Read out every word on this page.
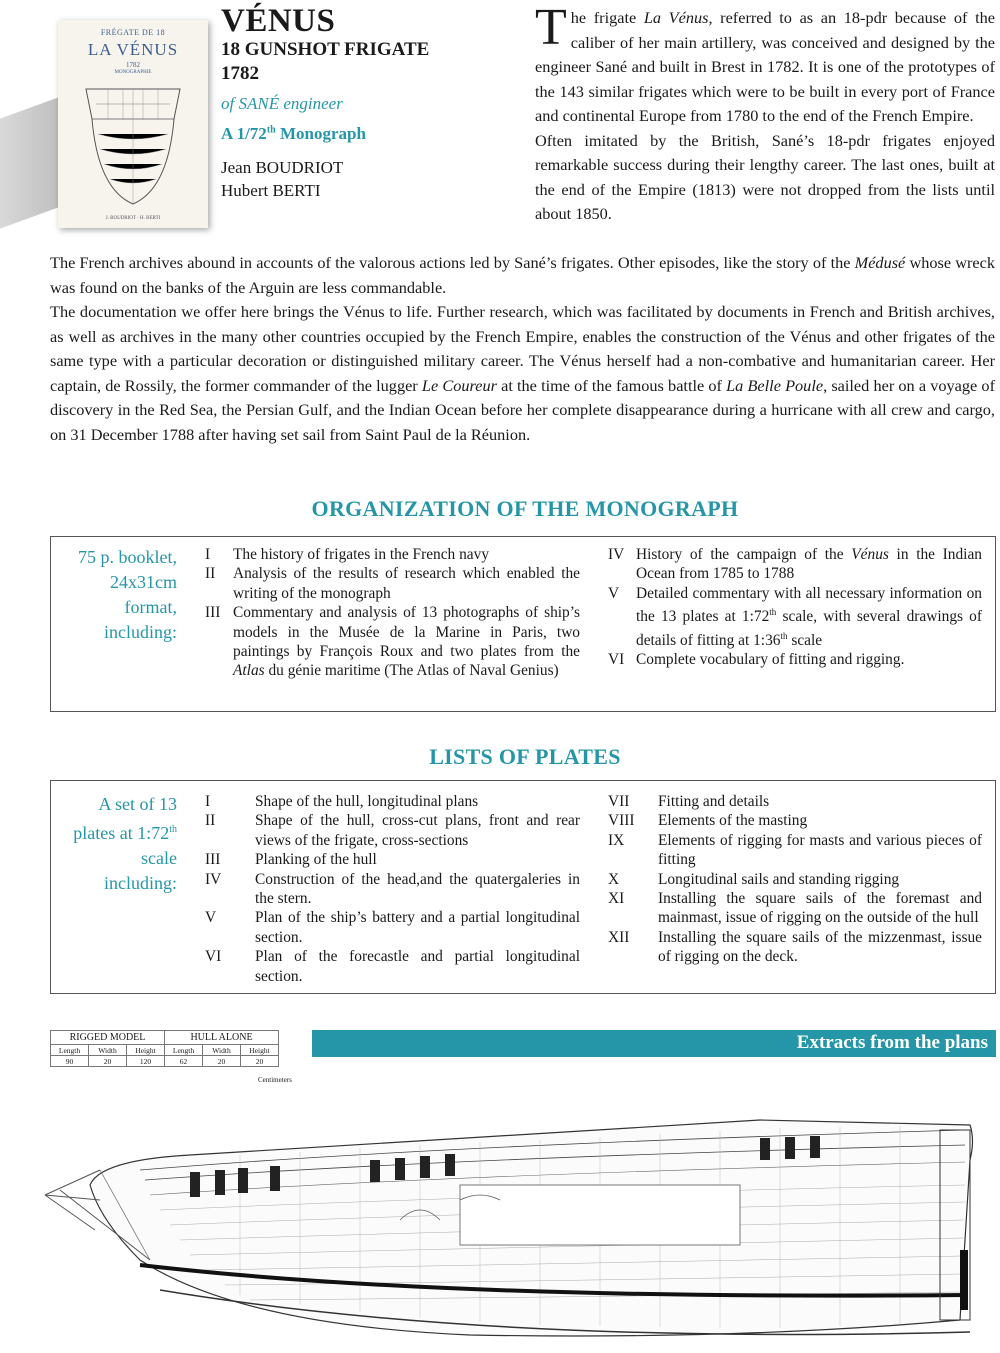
FRÉGATE DE 18
LA VÉNUS
1782
MONOGRAPHIE
J. BOUDRIOT · H. BERTI
VÉNUS
18 GUNSHOT FRIGATE
1782
of SANÉ engineer
A 1/72th Monograph
Jean BOUDRIOT
Hubert BERTI
The frigate La Vénus, referred to as an 18-pdr because of the caliber of her main artillery, was conceived and designed by the engineer Sané and built in Brest in 1782. It is one of the prototypes of the 143 similar frigates which were to be built in every port of France and continental Europe from 1780 to the end of the French Empire.
Often imitated by the British, Sané’s 18-pdr frigates enjoyed remarkable success during their lengthy career. The last ones, built at the end of the Empire (1813) were not dropped from the lists until about 1850.

The French archives abound in accounts of the valorous actions led by Sané’s frigates. Other episodes, like the story of the Médusé whose wreck was found on the banks of the Arguin are less commandable.

The documentation we offer here brings the Vénus to life. Further research, which was facilitated by documents in French and British archives, as well as archives in the many other countries occupied by the French Empire, enables the construction of the Vénus and other frigates of the same type with a particular decoration or distinguished military career. The Vénus herself had a non-combative and humanitarian career. Her captain, de Rossily, the former commander of the lugger Le Coureur at the time of the famous battle of La Belle Poule, sailed her on a voyage of discovery in the Red Sea, the Persian Gulf, and the Indian Ocean before her complete disappearance during a hurricane with all crew and cargo, on 31 December 1788 after having set sail from Saint Paul de la Réunion.

ORGANIZATION OF THE MONOGRAPH
75 p. booklet,
24x31cm
format,
including:
I	The history of frigates in the French navy
II	Analysis of the results of research which enabled the writing of the monograph
III Commentary and analysis of 13 photographs of ship’s models in the Musée de la Marine in Paris, two paintings by François Roux and two plates from the Atlas du génie maritime (The Atlas of Naval Genius)
IV History of the campaign of the Vénus in the Indian Ocean from 1785 to 1788
V	Detailed commentary with all necessary information on the 13 plates at 1:72th scale, with several drawings of details of fitting at 1:36th scale
VI Complete vocabulary of fitting and rigging.
LISTS OF PLATES
A set of 13
plates at 1:72th
scale
including:
I	Shape of the hull, longitudinal plans
II	Shape of the hull, cross-cut plans, front and rear views of the frigate, cross-sections
III	Planking of the hull
IV	Construction of the head,and the quatergaleries in the stern.
V	Plan of the ship’s battery and a partial longitudinal section.
VI	Plan of the forecastle and partial longitudinal section.
VII	Fitting and details
VIII	Elements of the masting
IX	Elements of rigging for masts and various pieces of fitting
X	Longitudinal sails and standing rigging
XI	Installing the square sails of the foremast and mainmast, issue of rigging on the outside of the hull
XII	Installing the square sails of the mizzenmast, issue of rigging on the deck.
RIGGED MODEL			HULL ALONE		
Length	Width	Height	Length	Width	Height
90	20	120	62	20	20
Centimeters
Extracts from the plans
